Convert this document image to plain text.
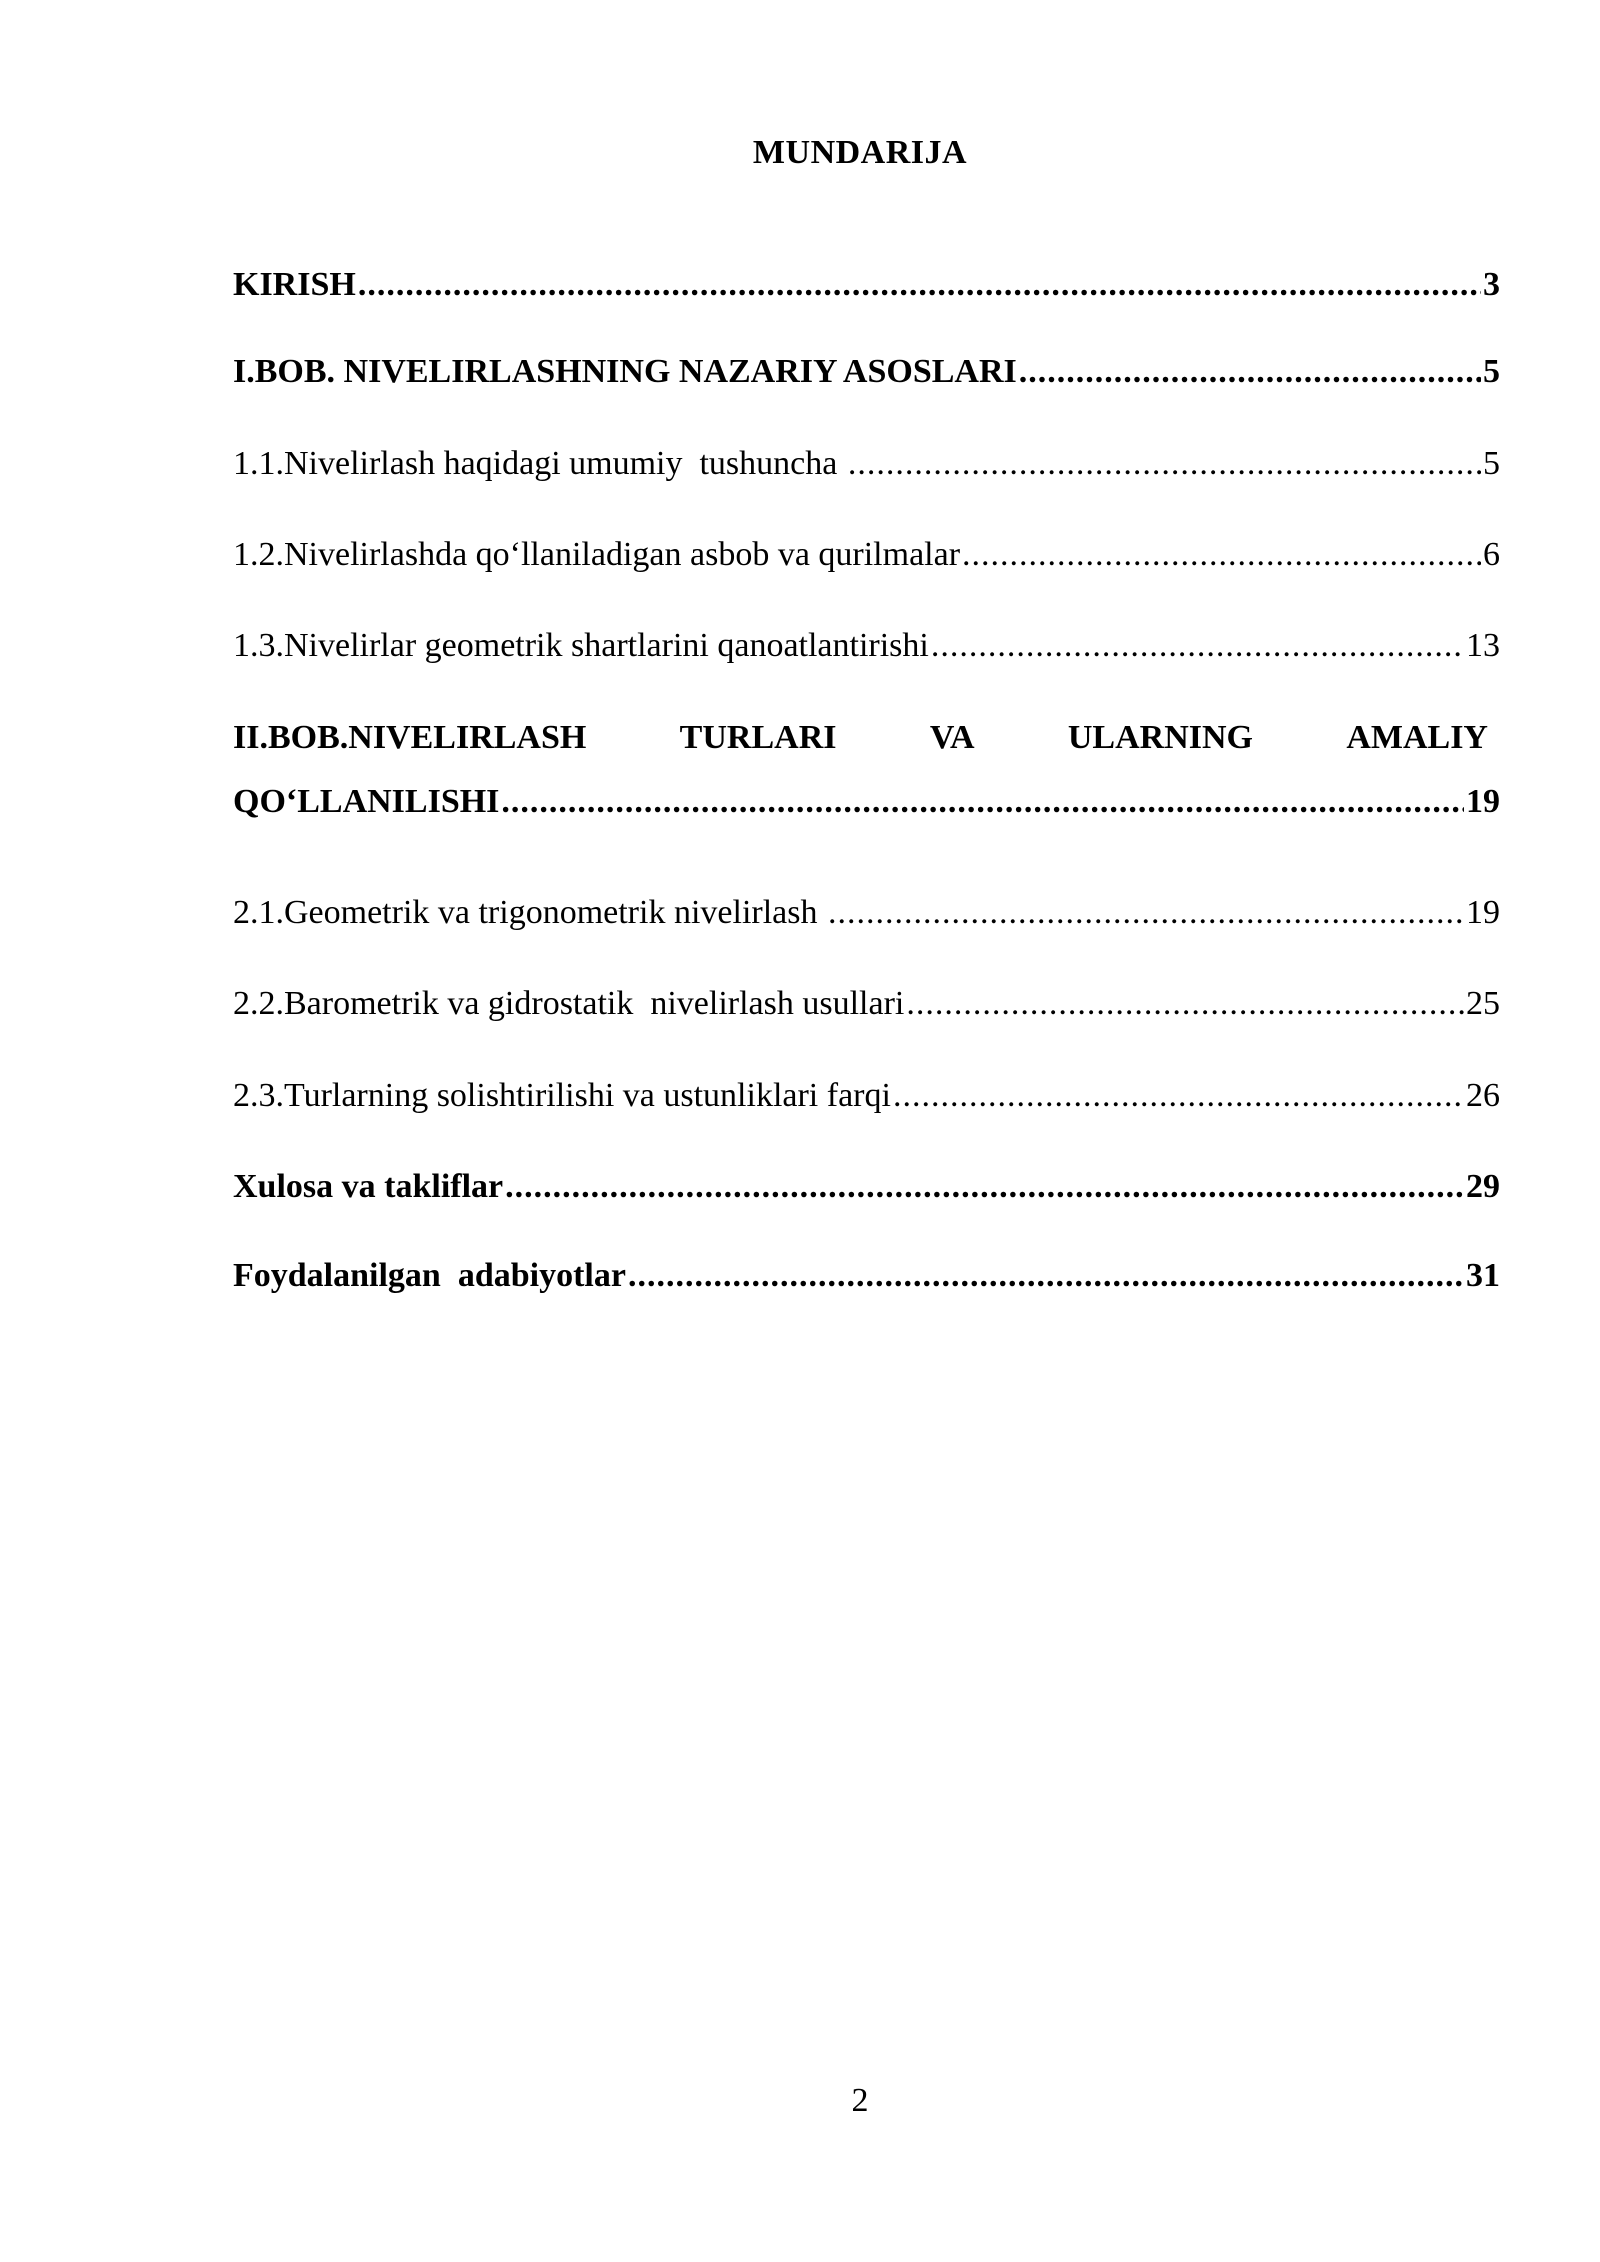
MUNDARIJA
KIRISH .....	3
I.BOB. NIVELIRLASHNING NAZARIY ASOSLARI .....	5
1.1.Nivelirlash haqidagi umumiy  tushuncha .....	5
1.2.Nivelirlashda qo‘llaniladigan asbob va qurilmalar .....	6
1.3.Nivelirlar geometrik shartlarini qanoatlantirishi .....	13
II.BOB.NIVELIRLASH	TURLARI	VA	ULARNING	AMALIY
QO‘LLANILISHI .....	19
2.1.Geometrik va trigonometrik nivelirlash .....	19
2.2.Barometrik va gidrostatik  nivelirlash usullari .....	25
2.3.Turlarning solishtirilishi va ustunliklari farqi .....	26
Xulosa va takliflar .....	29
Foydalanilgan  adabiyotlar .....	31
2
